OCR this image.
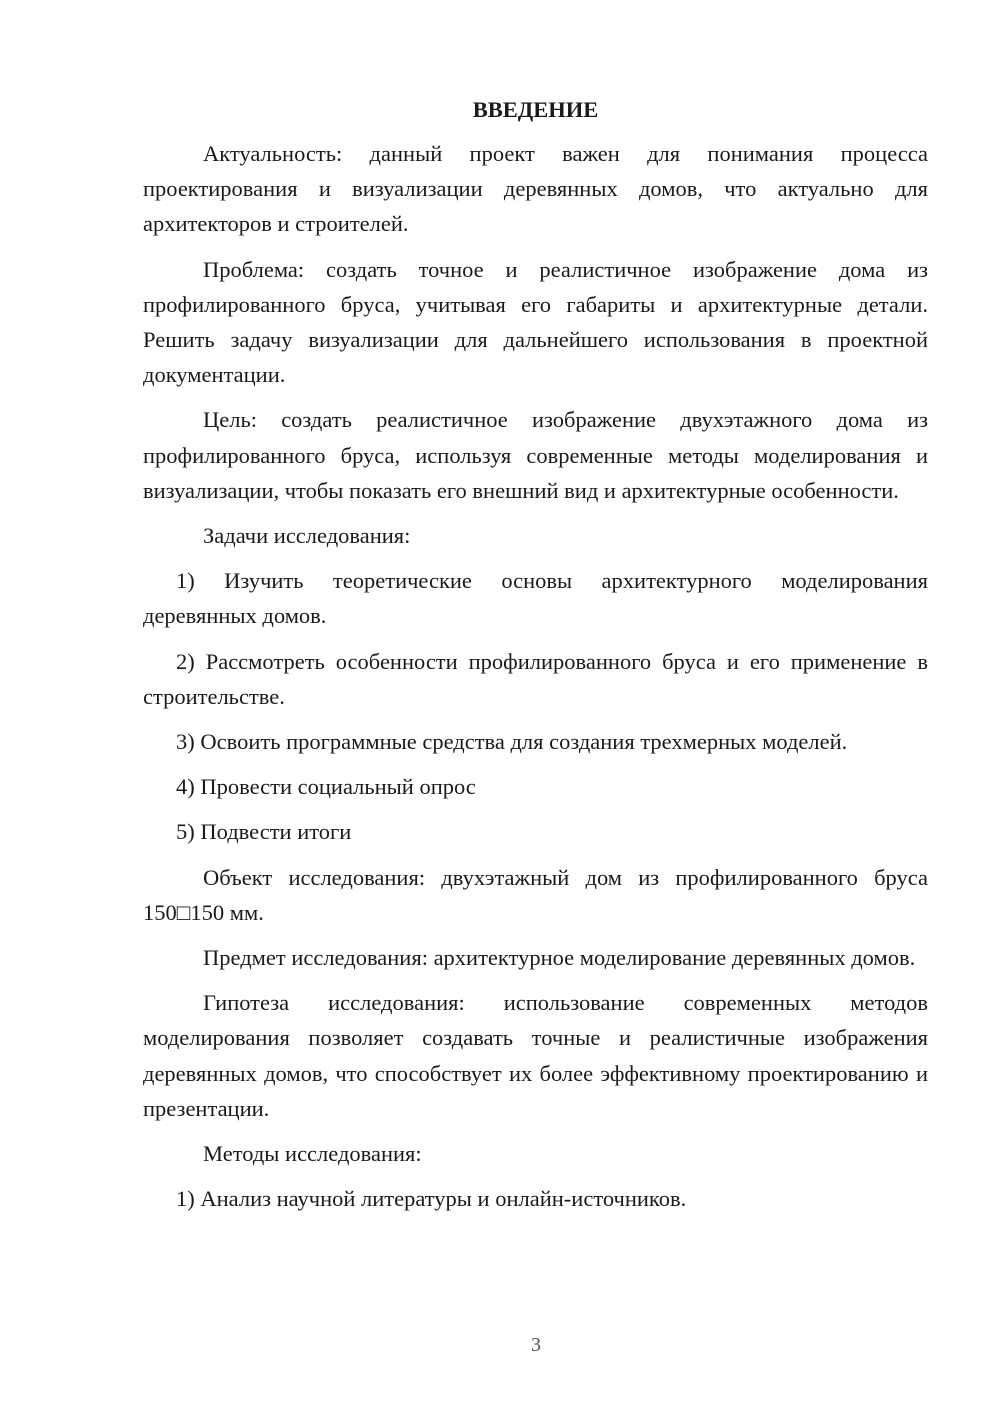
ВВЕДЕНИЕ

Актуальность: данный проект важен для понимания процесса проектирования и визуализации деревянных домов, что актуально для архитекторов и строителей.

Проблема: создать точное и реалистичное изображение дома из профилированного бруса, учитывая его габариты и архитектурные детали. Решить задачу визуализации для дальнейшего использования в проектной документации.

Цель: создать реалистичное изображение двухэтажного дома из профилированного бруса, используя современные методы моделирования и визуализации, чтобы показать его внешний вид и архитектурные особенности.

Задачи исследования:

1) Изучить теоретические основы архитектурного моделирования деревянных домов.

2) Рассмотреть особенности профилированного бруса и его применение в строительстве.

3) Освоить программные средства для создания трехмерных моделей.

4) Провести социальный опрос

5) Подвести итоги

Объект исследования: двухэтажный дом из профилированного бруса 150□150 мм.

Предмет исследования: архитектурное моделирование деревянных домов.

Гипотеза исследования: использование современных методов моделирования позволяет создавать точные и реалистичные изображения деревянных домов, что способствует их более эффективному проектированию и презентации.

Методы исследования:

1) Анализ научной литературы и онлайн-источников.

3
